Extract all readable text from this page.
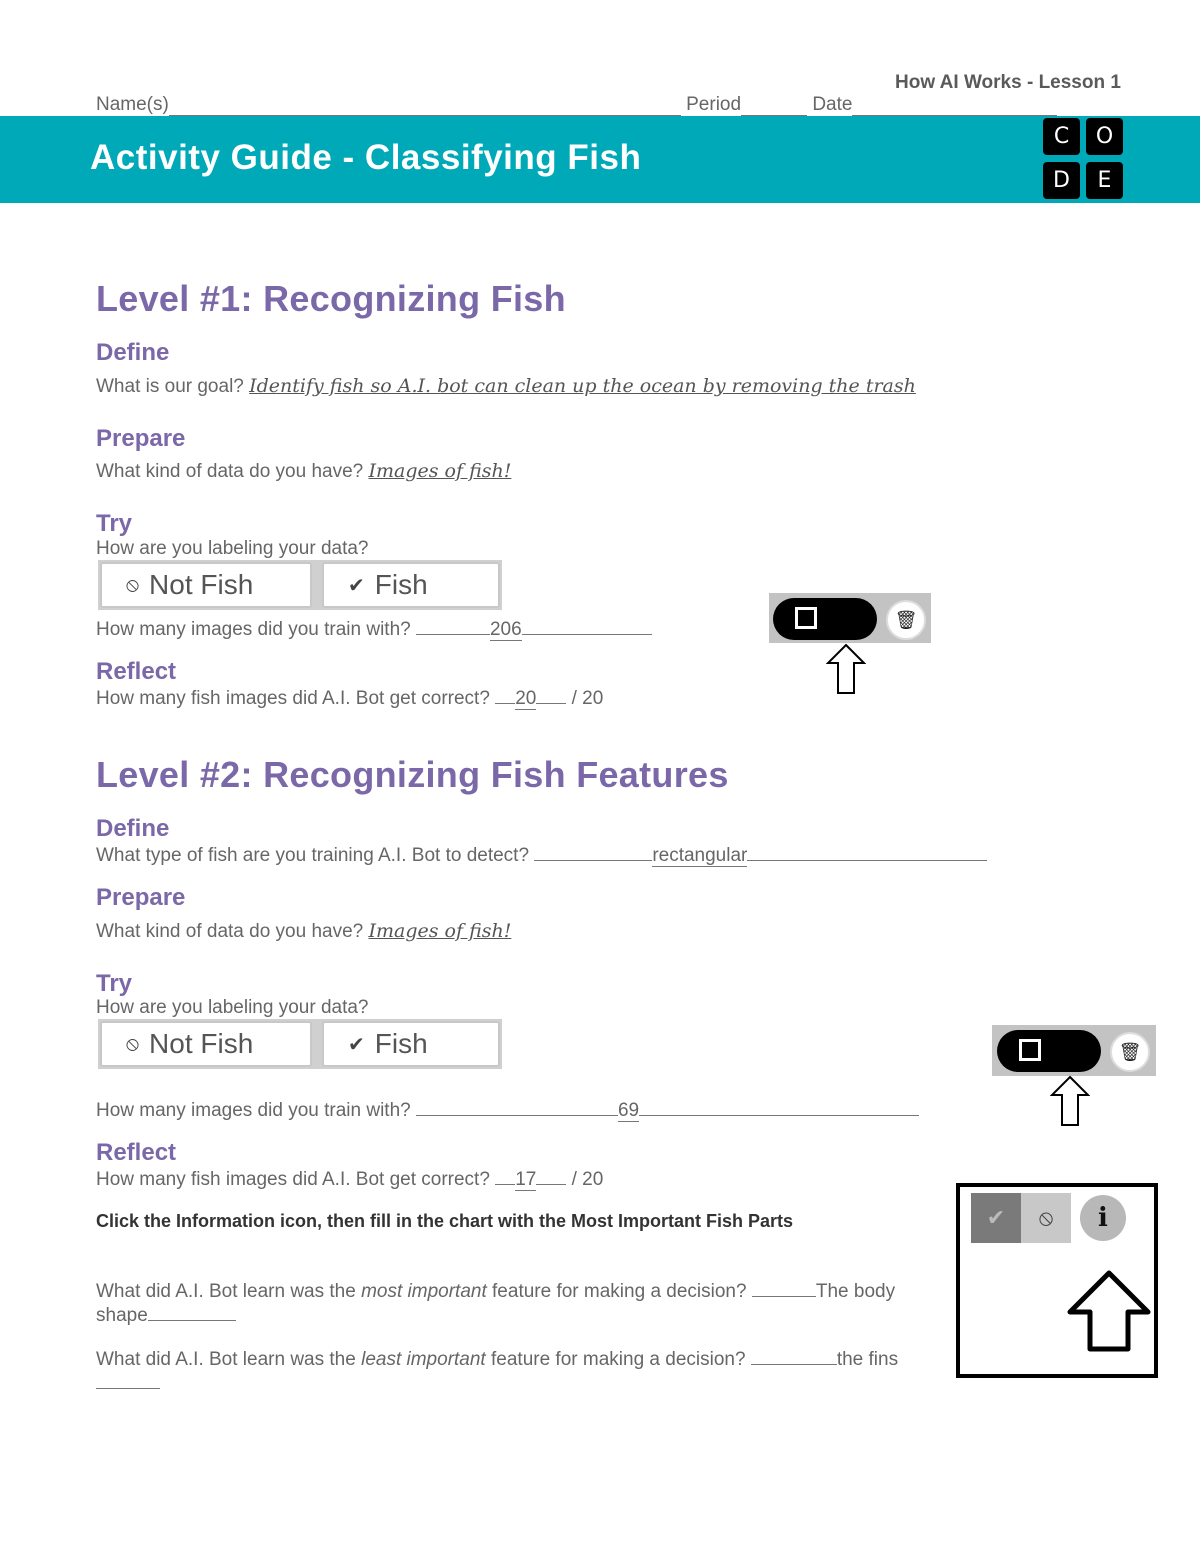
How AI Works - Lesson 1
Name(s)	Period	Date
Activity Guide - Classifying Fish
C	O
D	E
Level #1: Recognizing Fish
Define
What is our goal? Identify fish so A.I. bot can clean up the ocean by removing the trash
Prepare
What kind of data do you have? Images of fish!
Try
How are you labeling your data?
⦸ Not Fish	✔ Fish
How many images did you train with?	206	🗑
Reflect
How many fish images did A.I. Bot get correct? 20 / 20
Level #2: Recognizing Fish Features
Define
What type of fish are you training A.I. Bot to detect?	rectangular
Prepare
What kind of data do you have? Images of fish!
Try
How are you labeling your data?
⦸ Not Fish	✔ Fish	🗑
How many images did you train with?	69
Reflect
How many fish images did A.I. Bot get correct? 17 / 20
Click the Information icon, then fill in the chart with the Most Important Fish Parts
What did A.I. Bot learn was the most important feature for making a decision?	The body shape
What did A.I. Bot learn was the least important feature for making a decision?	the fins
✔	⦸	i
